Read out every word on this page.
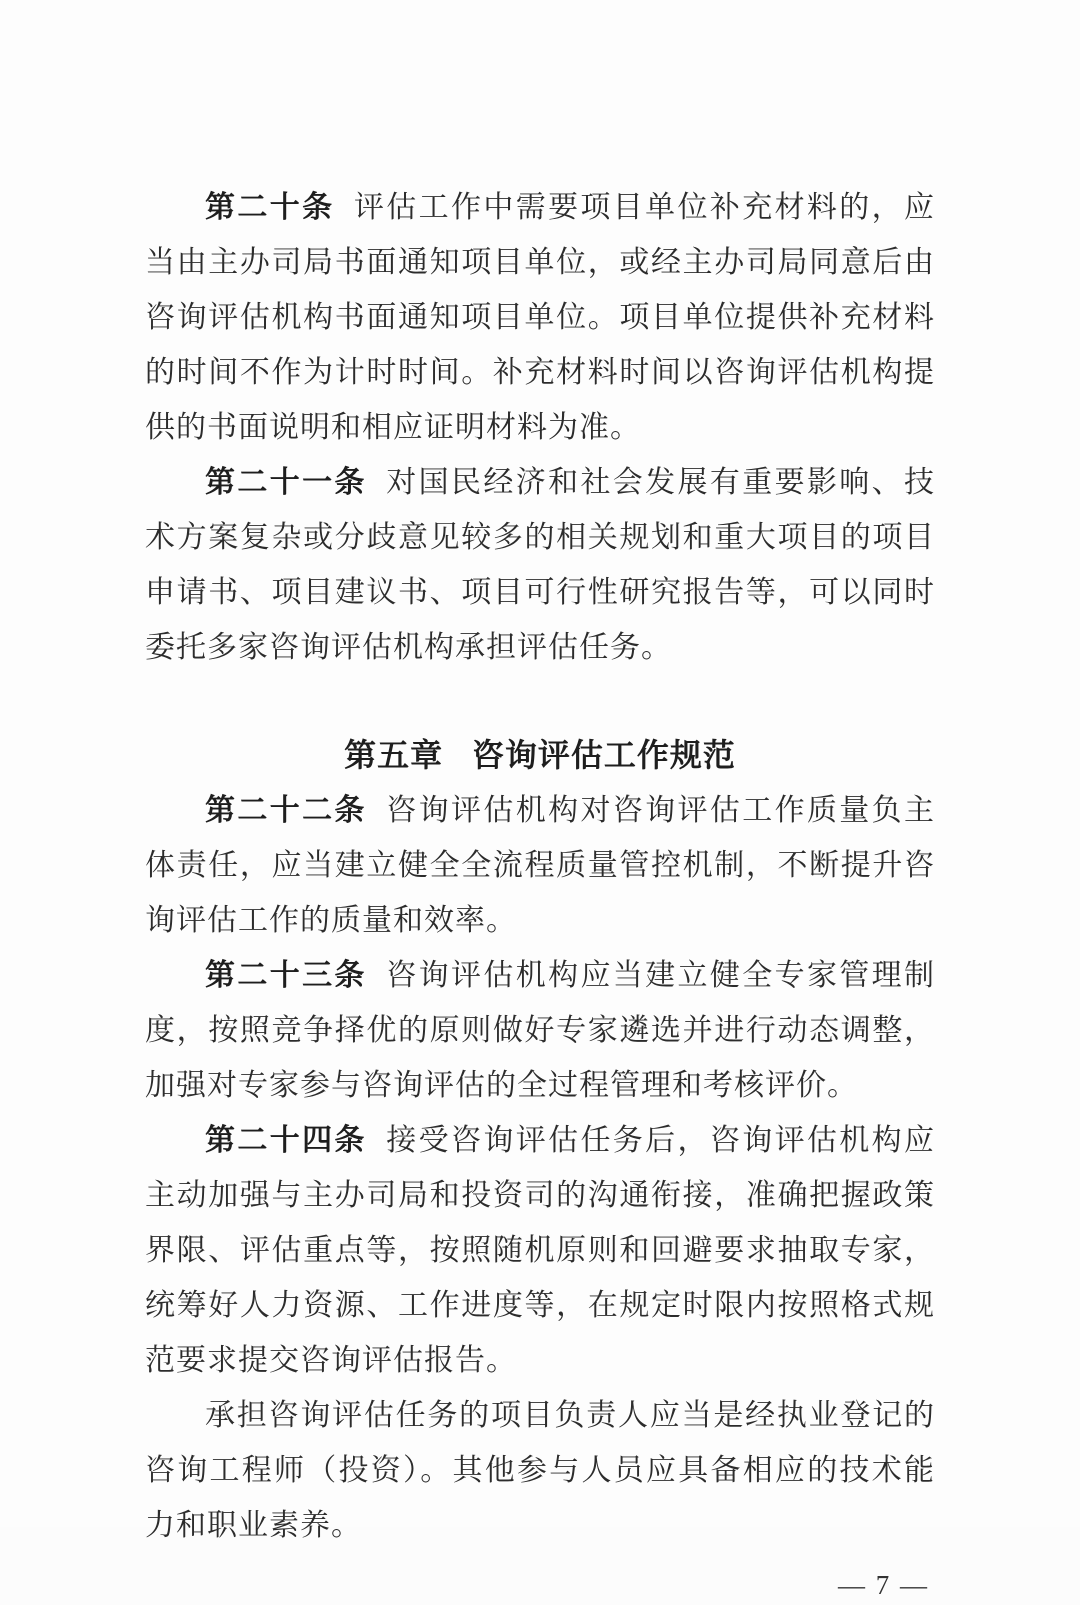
第二十条 评估工作中需要项目单位补充材料的，应当由主办司局书面通知项目单位，或经主办司局同意后由咨询评估机构书面通知项目单位。项目单位提供补充材料的时间不作为计时时间。补充材料时间以咨询评估机构提供的书面说明和相应证明材料为准。

第二十一条 对国民经济和社会发展有重要影响、技术方案复杂或分歧意见较多的相关规划和重大项目的项目申请书、项目建议书、项目可行性研究报告等，可以同时委托多家咨询评估机构承担评估任务。

第五章 咨询评估工作规范

第二十二条 咨询评估机构对咨询评估工作质量负主体责任，应当建立健全全流程质量管控机制，不断提升咨询评估工作的质量和效率。

第二十三条 咨询评估机构应当建立健全专家管理制度，按照竞争择优的原则做好专家遴选并进行动态调整，加强对专家参与咨询评估的全过程管理和考核评价。

第二十四条 接受咨询评估任务后，咨询评估机构应主动加强与主办司局和投资司的沟通衔接，准确把握政策界限、评估重点等，按照随机原则和回避要求抽取专家，统筹好人力资源、工作进度等，在规定时限内按照格式规范要求提交咨询评估报告。

承担咨询评估任务的项目负责人应当是经执业登记的咨询工程师（投资）。其他参与人员应具备相应的技术能力和职业素养。

— 7 —
